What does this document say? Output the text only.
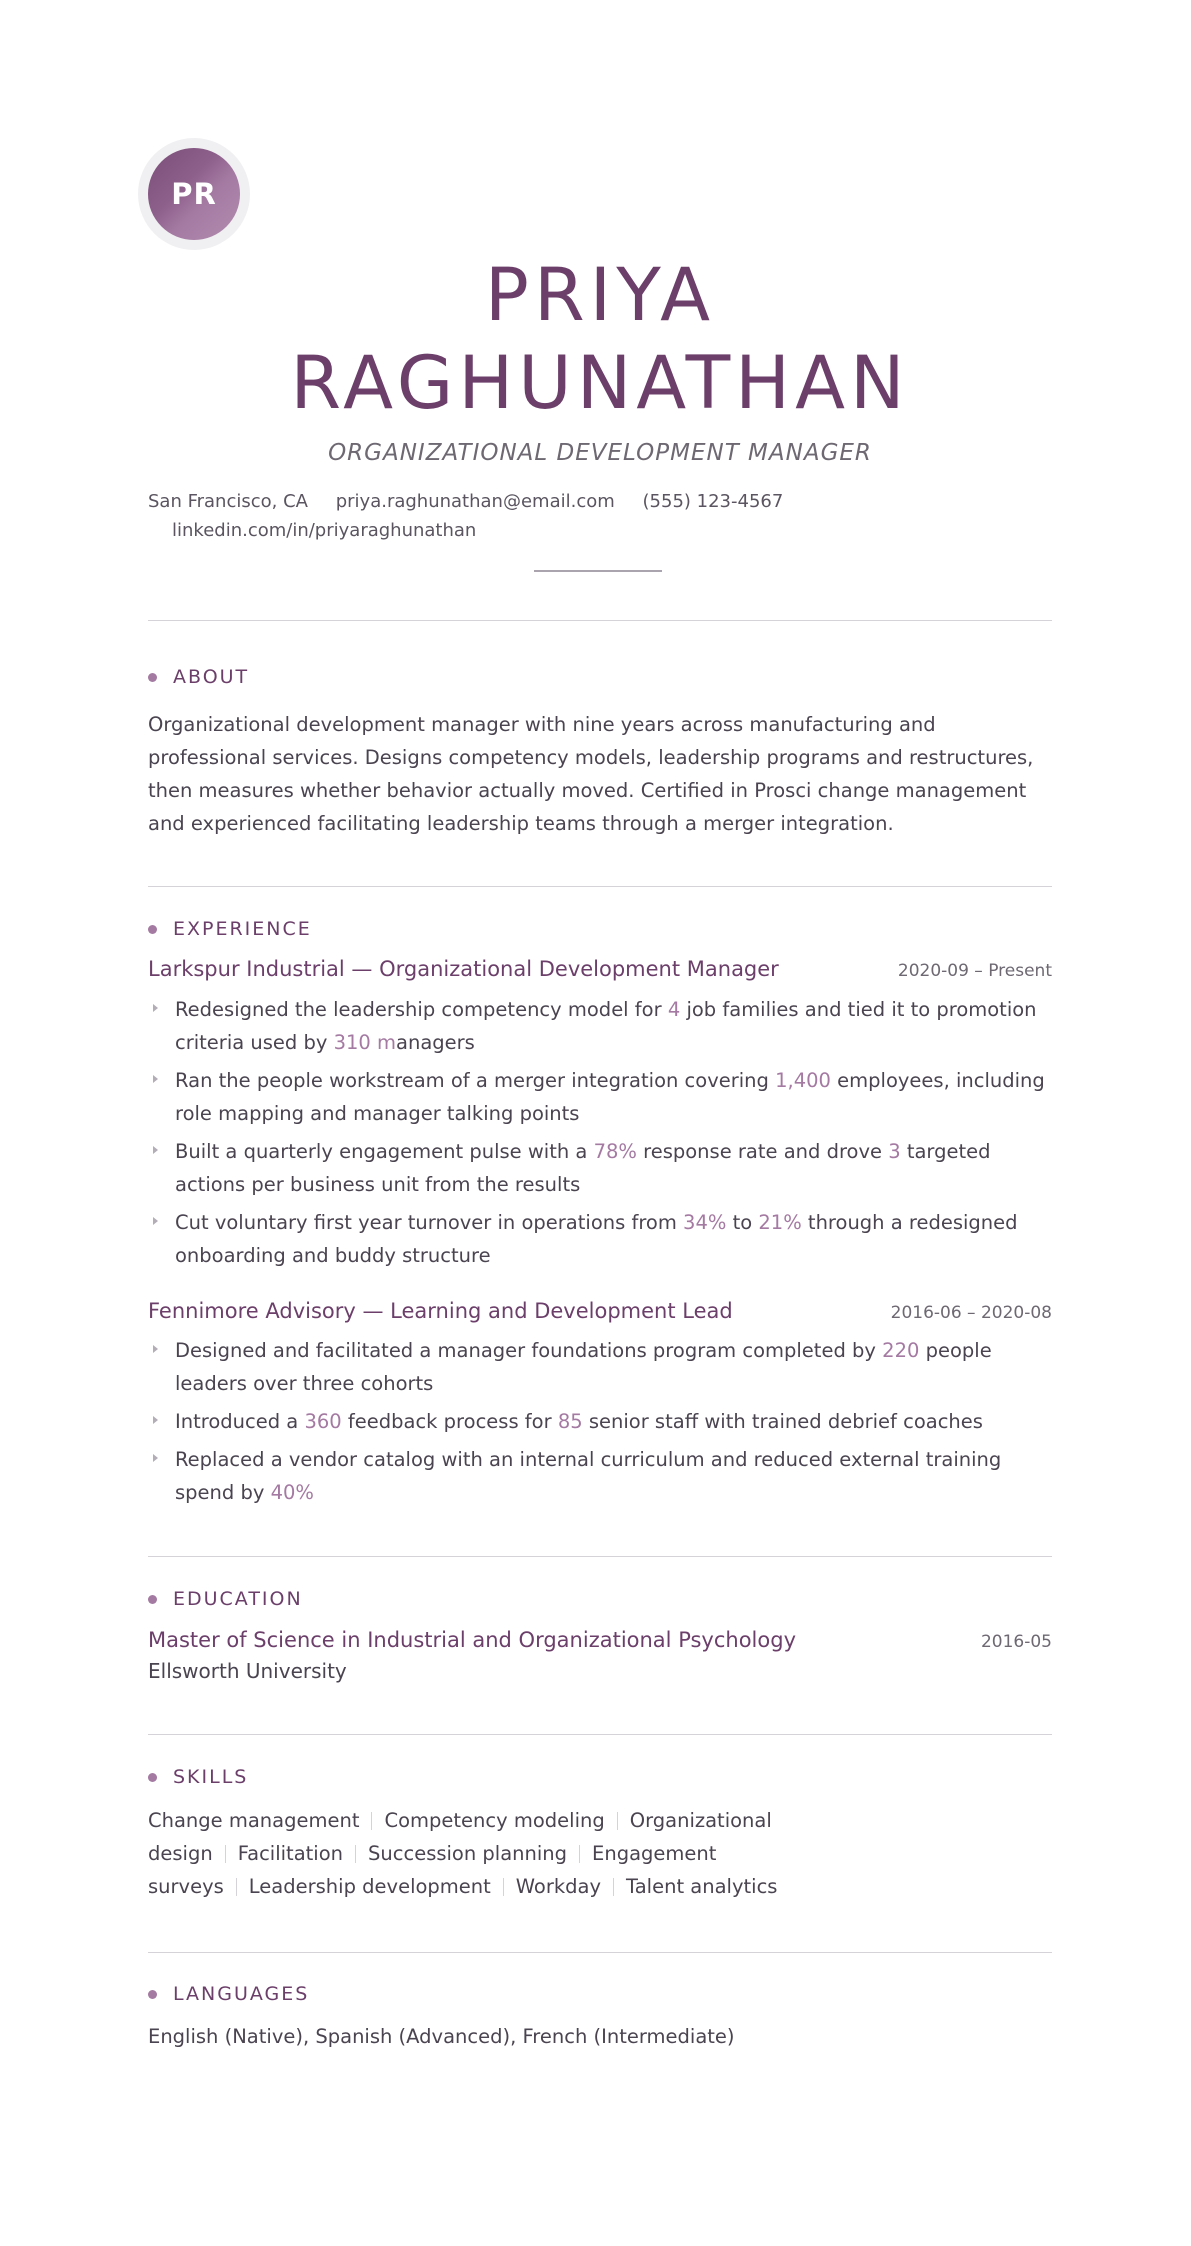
PR
PRIYA
RAGHUNATHAN
ORGANIZATIONAL DEVELOPMENT MANAGER
San Francisco, CA priya.raghunathan@email.com (555) 123-4567
linkedin.com/in/priyaraghunathan
ABOUT
Organizational development manager with nine years across manufacturing and professional services. Designs competency models, leadership programs and restructures, then measures whether behavior actually moved. Certified in Prosci change management and experienced facilitating leadership teams through a merger integration.
EXPERIENCE
Larkspur Industrial — Organizational Development Manager	2020-09 – Present
Redesigned the leadership competency model for 4 job families and tied it to promotion criteria used by 310 managers
Ran the people workstream of a merger integration covering 1,400 employees, including role mapping and manager talking points
Built a quarterly engagement pulse with a 78% response rate and drove 3 targeted actions per business unit from the results
Cut voluntary first year turnover in operations from 34% to 21% through a redesigned onboarding and buddy structure
Fennimore Advisory — Learning and Development Lead	2016-06 – 2020-08
Designed and facilitated a manager foundations program completed by 220 people leaders over three cohorts
Introduced a 360 feedback process for 85 senior staff with trained debrief coaches
Replaced a vendor catalog with an internal curriculum and reduced external training spend by 40%
EDUCATION
Master of Science in Industrial and Organizational Psychology	2016-05
Ellsworth University
SKILLS
Change management Competency modeling Organizational design Facilitation Succession planning Engagement surveys Leadership development Workday Talent analytics
LANGUAGES
English (Native), Spanish (Advanced), French (Intermediate)
